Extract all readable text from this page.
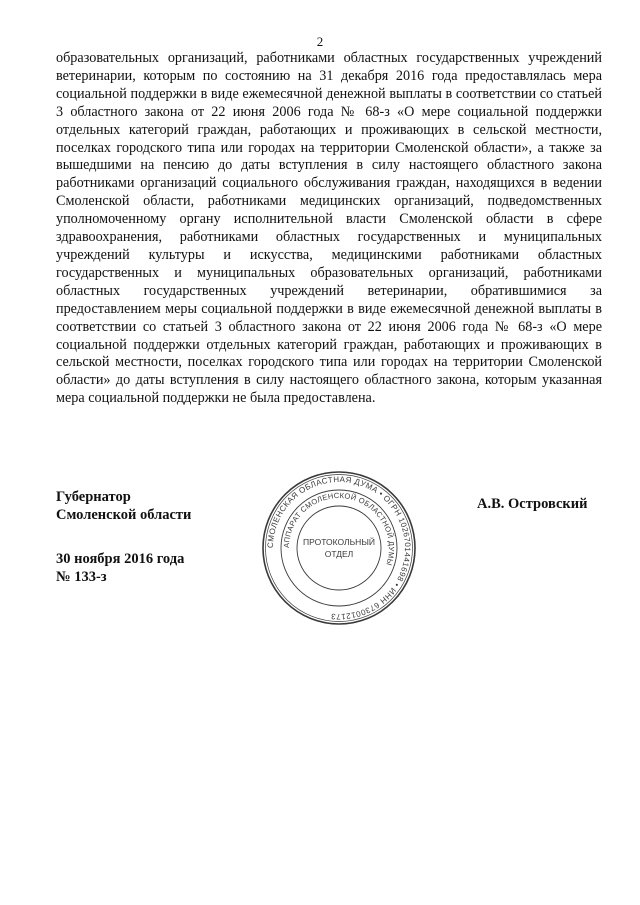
2

образовательных организаций, работниками областных государственных учреждений ветеринарии, которым по состоянию на 31 декабря 2016 года предоставлялась мера социальной поддержки в виде ежемесячной денежной выплаты в соответствии со статьей 3 областного закона от 22 июня 2006 года № 68-з «О мере социальной поддержки отдельных категорий граждан, работающих и проживающих в сельской местности, поселках городского типа или городах на территории Смоленской области», а также за вышедшими на пенсию до даты вступления в силу настоящего областного закона работниками организаций социального обслуживания граждан, находящихся в ведении Смоленской области, работниками медицинских организаций, подведомственных уполномоченному органу исполнительной власти Смоленской области в сфере здравоохранения, работниками областных государственных и муниципальных учреждений культуры и искусства, медицинскими работниками областных государственных и муниципальных образовательных организаций, работниками областных государственных учреждений ветеринарии, обратившимися за предоставлением меры социальной поддержки в виде ежемесячной денежной выплаты в соответствии со статьей 3 областного закона от 22 июня 2006 года № 68-з «О мере социальной поддержки отдельных категорий граждан, работающих и проживающих в сельской местности, поселках городского типа или городах на территории Смоленской области» до даты вступления в силу настоящего областного закона, которым указанная мера социальной поддержки не была предоставлена.

Губернатор
Смоленской области
30 ноября 2016 года
№ 133-з
А.В. Островский
СМОЛЕНСКАЯ ОБЛАСТНАЯ ДУМА • ОГРН 1026701441698 • ИНН 6730012173
АППАРАТ СМОЛЕНСКОЙ ОБЛАСТНОЙ ДУМЫ
ПРОТОКОЛЬНЫЙ
ОТДЕЛ
